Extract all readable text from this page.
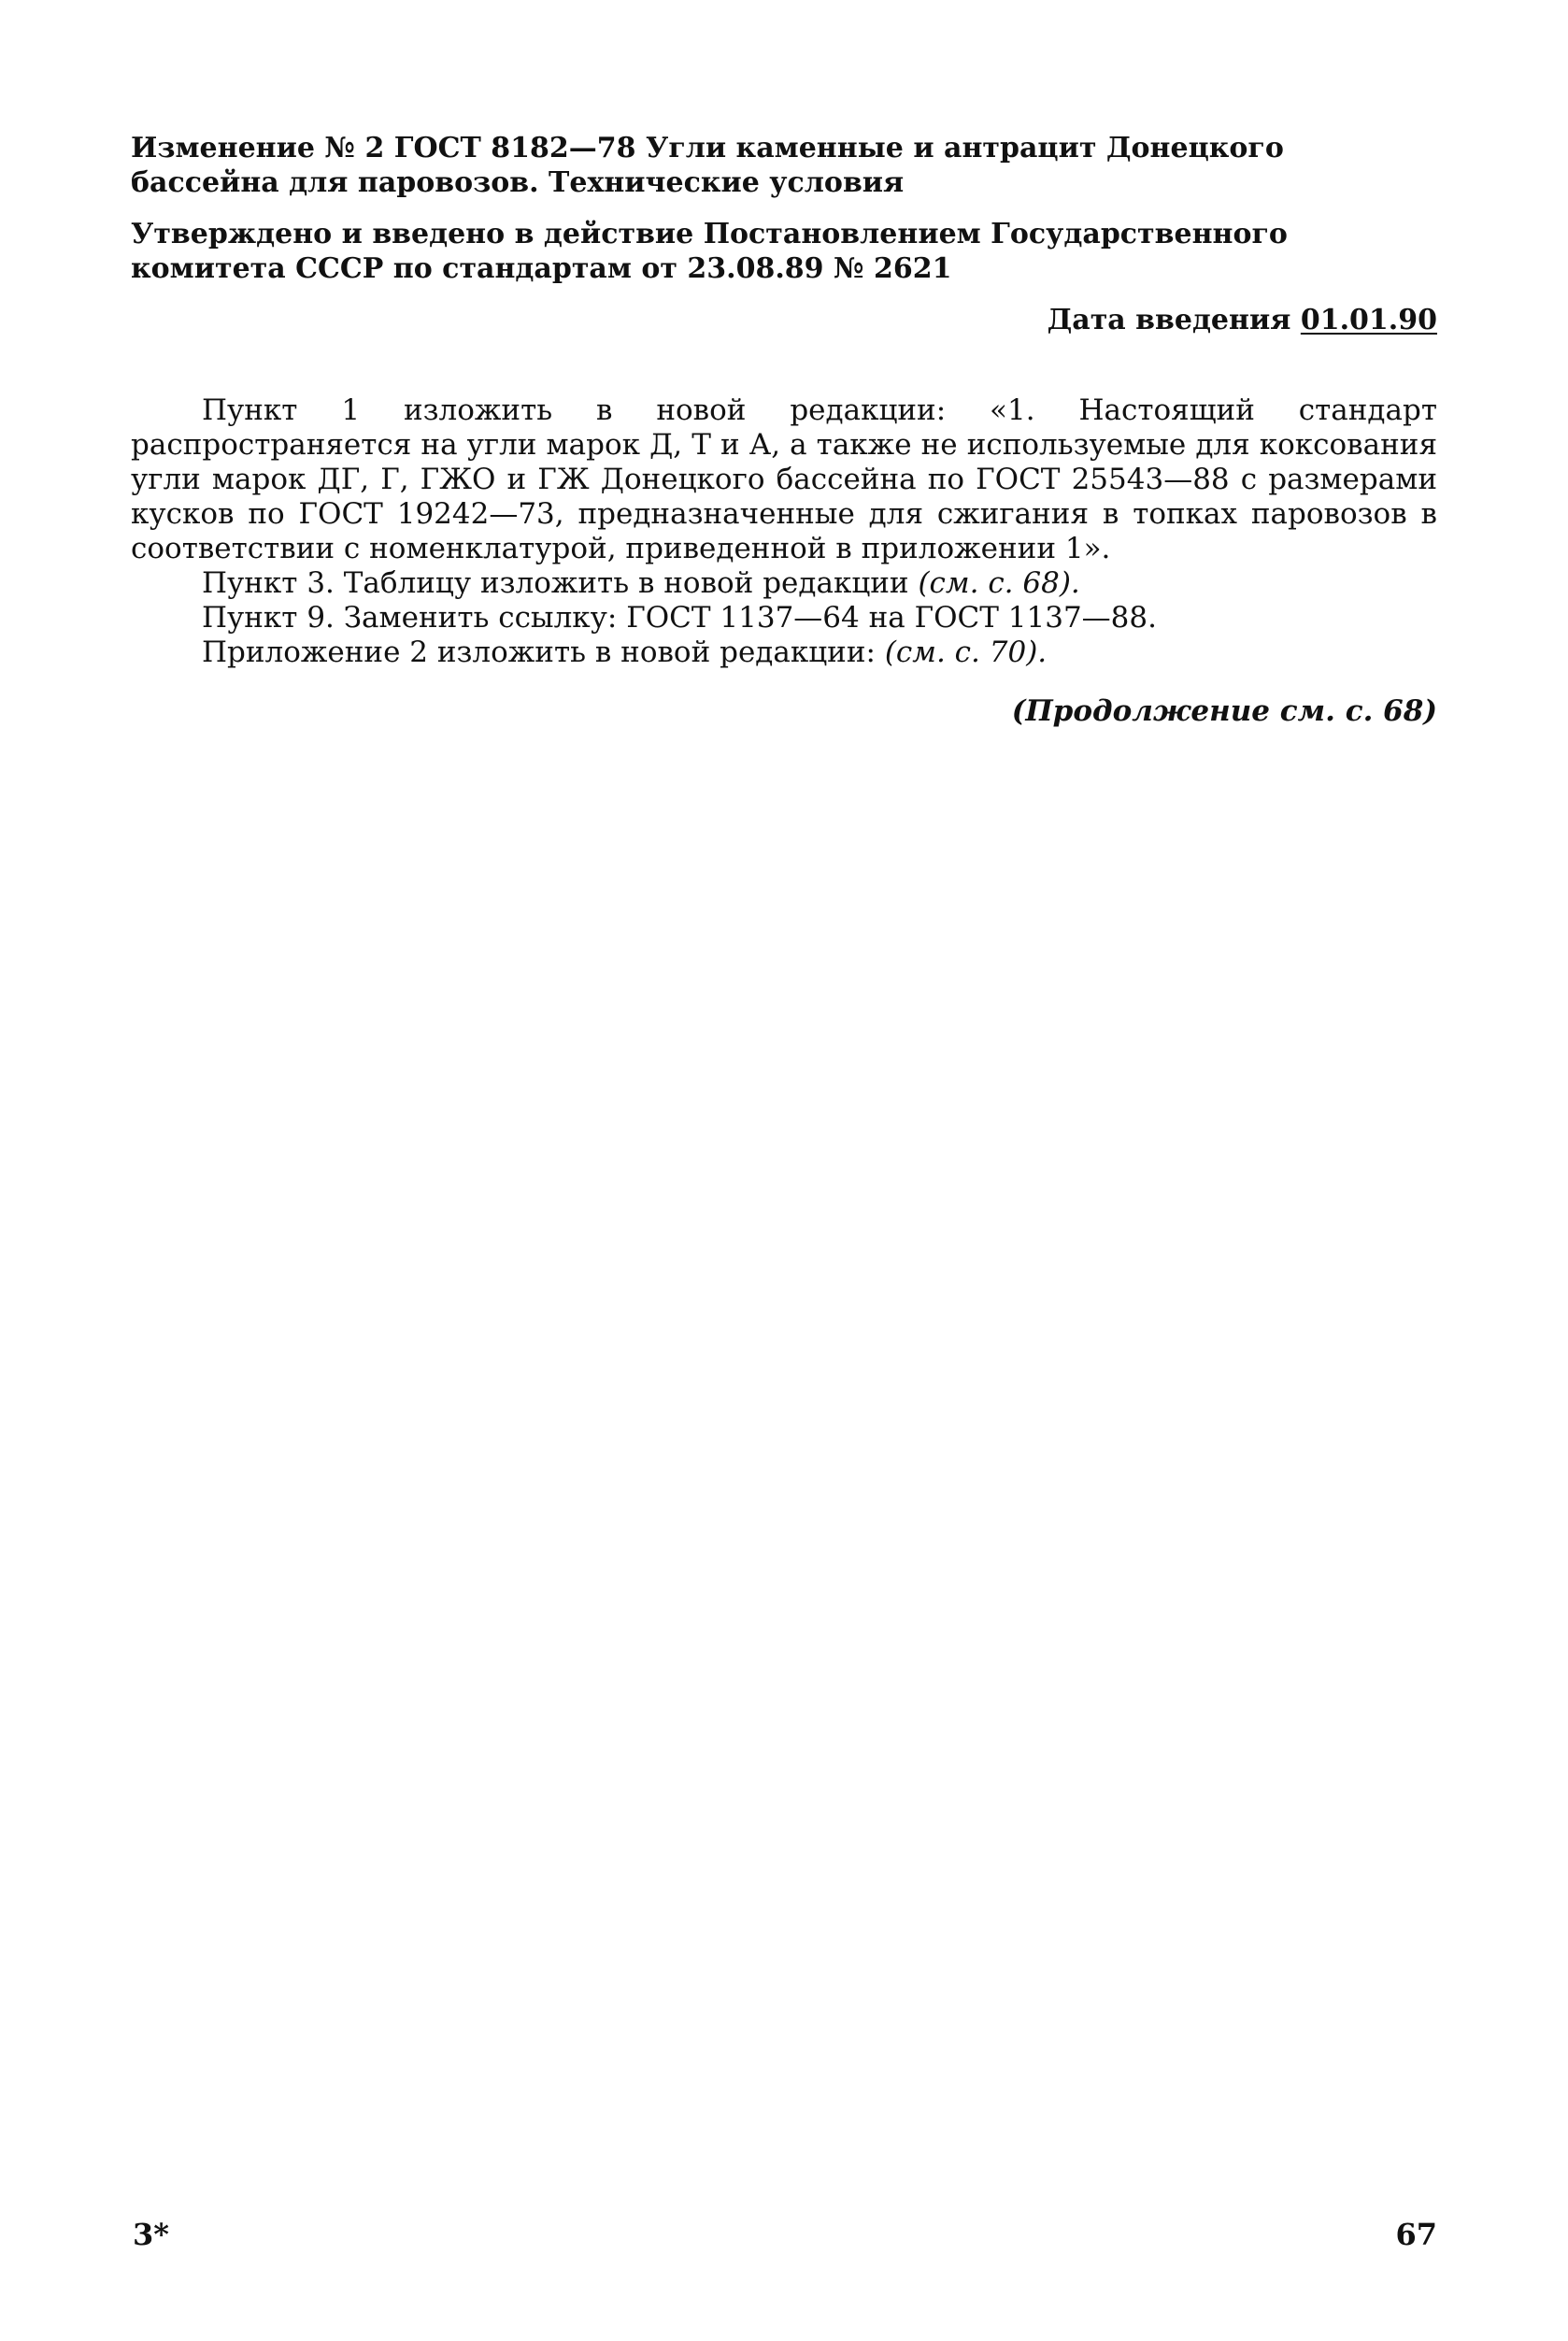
Изменение № 2 ГОСТ 8182—78 Угли каменные и антрацит Донецкого бассейна для паровозов. Технические условия

Утверждено и введено в действие Постановлением Государственного комитета СССР по стандартам от 23.08.89 № 2621

Дата введения 01.01.90

Пункт 1 изложить в новой редакции: «1. Настоящий стандарт распространяется на угли марок Д, Т и А, а также не используемые для коксования угли марок ДГ, Г, ГЖО и ГЖ Донецкого бассейна по ГОСТ 25543—88 с размерами кусков по ГОСТ 19242—73, предназначенные для сжигания в топках паровозов в соответствии с номенклатурой, приведенной в приложении 1».

Пункт 3. Таблицу изложить в новой редакции (см. с. 68).

Пункт 9. Заменить ссылку: ГОСТ 1137—64 на ГОСТ 1137—88.

Приложение 2 изложить в новой редакции: (см. с. 70).

(Продолжение см. с. 68)
3*	67
